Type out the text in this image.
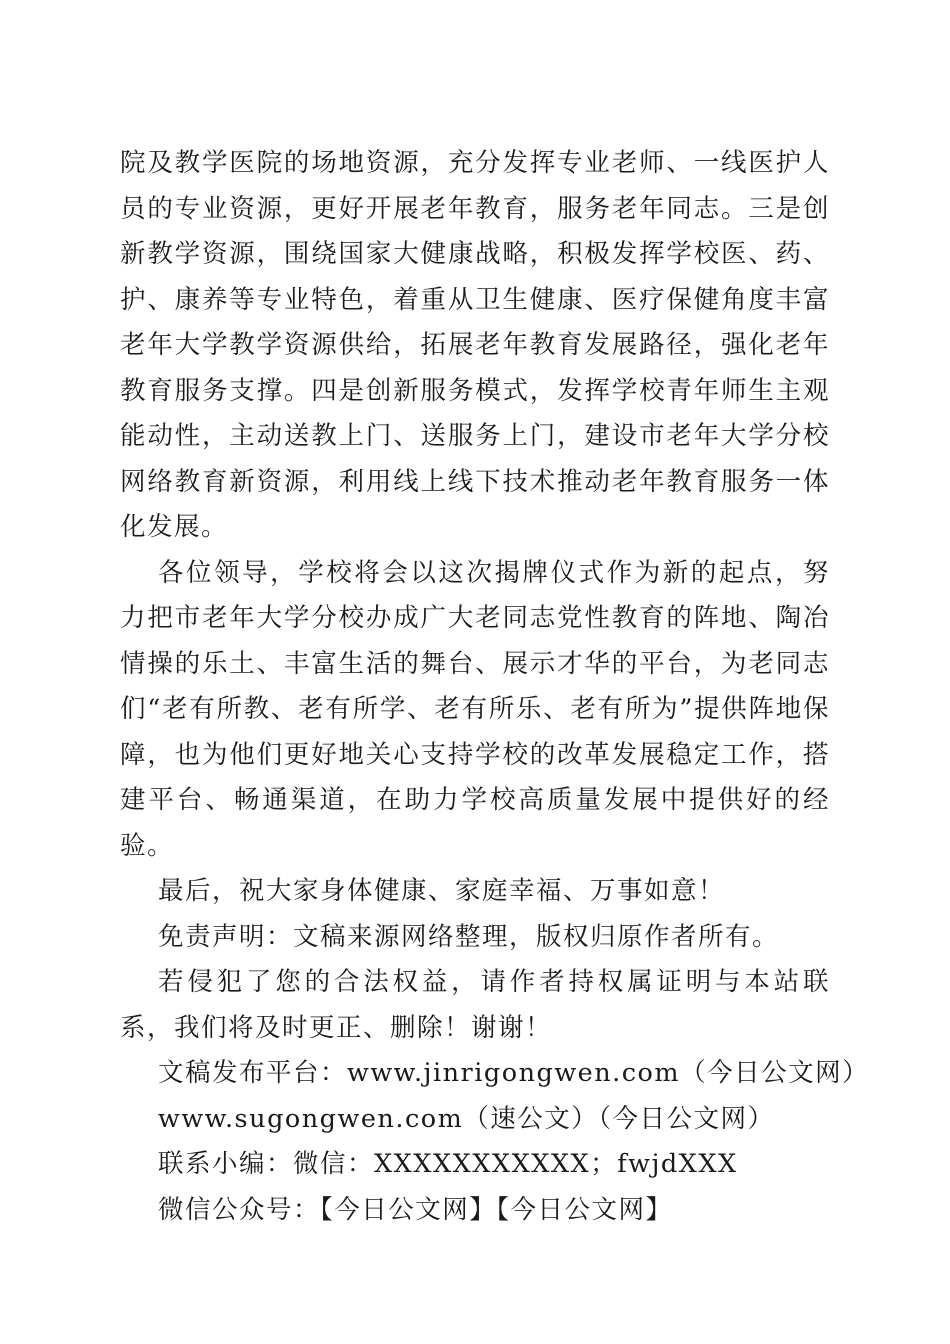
院及教学医院的场地资源，充分发挥专业老师、一线医护人员的专业资源，更好开展老年教育，服务老年同志。三是创新教学资源，围绕国家大健康战略，积极发挥学校医、药、护、康养等专业特色，着重从卫生健康、医疗保健角度丰富老年大学教学资源供给，拓展老年教育发展路径，强化老年教育服务支撑。四是创新服务模式，发挥学校青年师生主观能动性，主动送教上门、送服务上门，建设市老年大学分校网络教育新资源，利用线上线下技术推动老年教育服务一体化发展。

各位领导，学校将会以这次揭牌仪式作为新的起点，努力把市老年大学分校办成广大老同志党性教育的阵地、陶冶情操的乐土、丰富生活的舞台、展示才华的平台，为老同志们“老有所教、老有所学、老有所乐、老有所为”提供阵地保障，也为他们更好地关心支持学校的改革发展稳定工作，搭建平台、畅通渠道，在助力学校高质量发展中提供好的经验。

最后，祝大家身体健康、家庭幸福、万事如意！

免责声明：文稿来源网络整理，版权归原作者所有。

若侵犯了您的合法权益，请作者持权属证明与本站联系，我们将及时更正、删除！谢谢！

文稿发布平台：www.jinrigongwen.com（今日公文网）

www.sugongwen.com（速公文）（今日公文网）

联系小编：微信：XXXXXXXXXXX；fwjdXXX

微信公众号：【今日公文网】【今日公文网】
